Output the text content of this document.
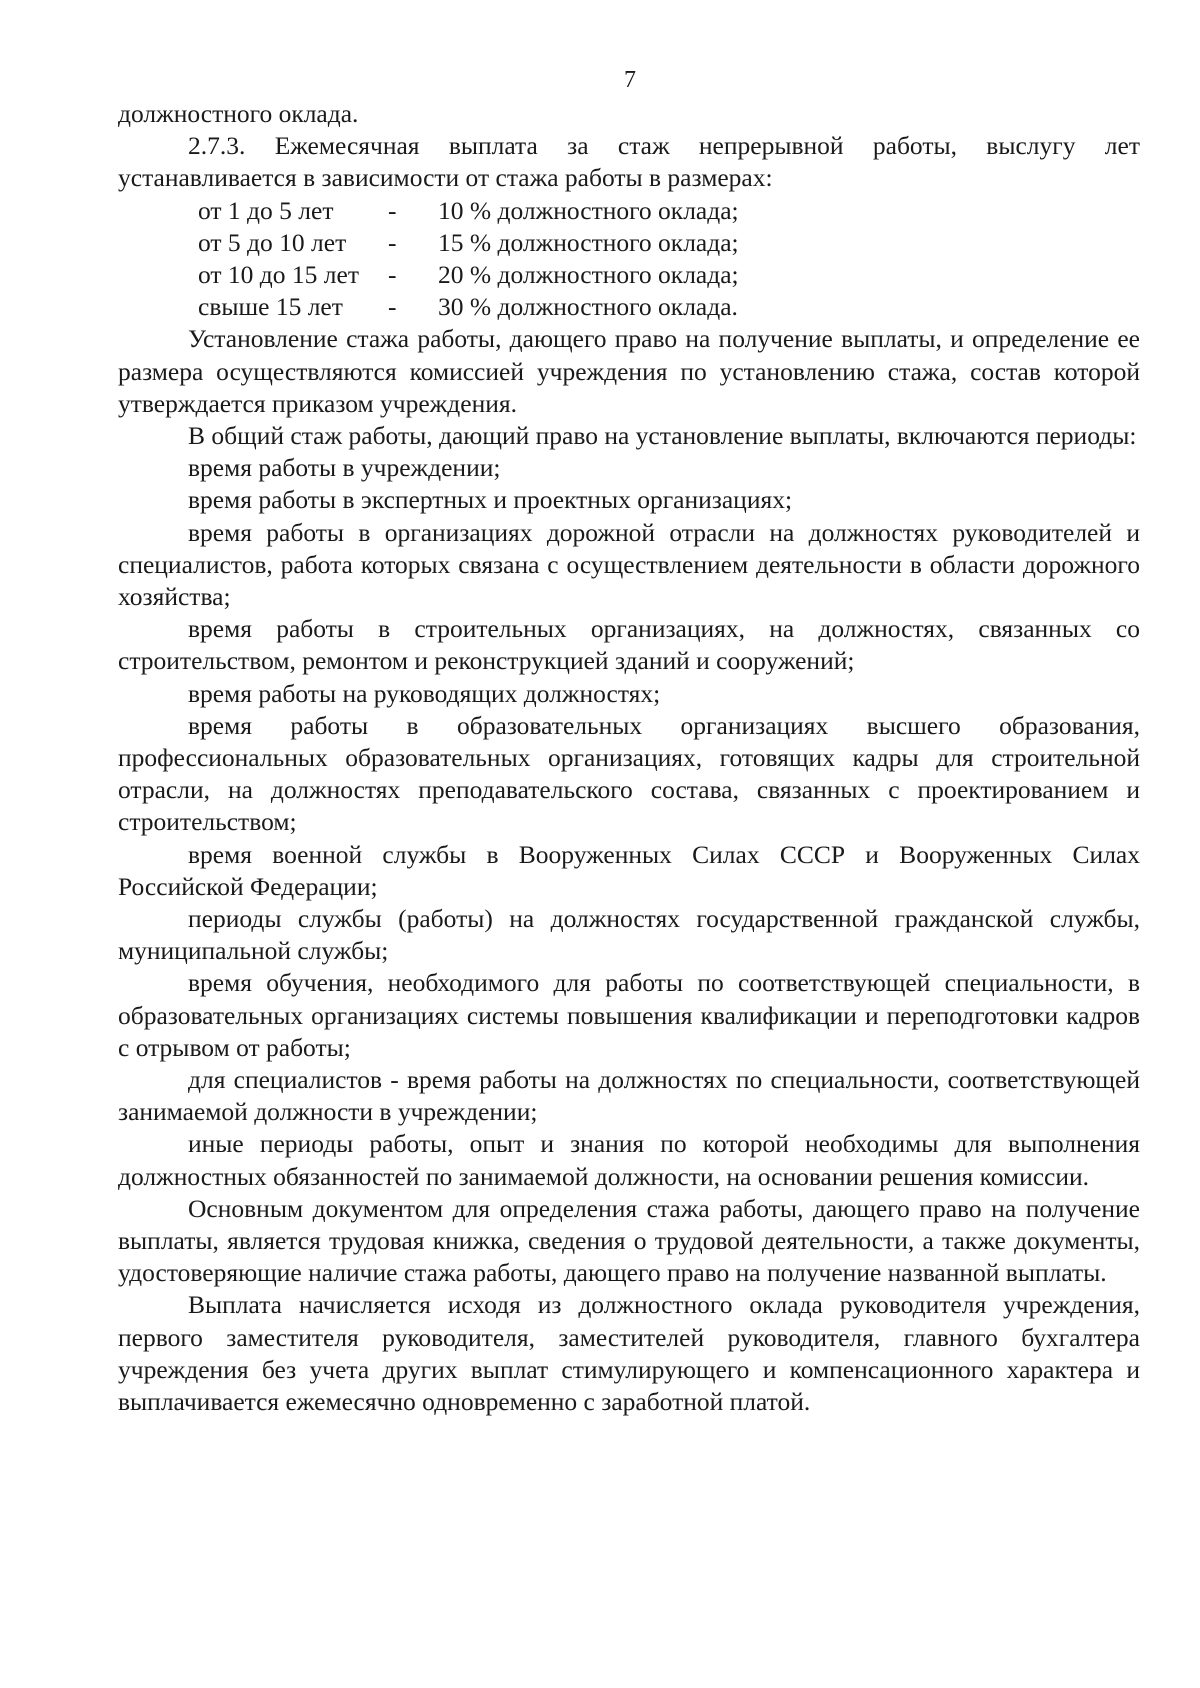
7

должностного оклада.

2.7.3. Ежемесячная выплата за стаж непрерывной работы, выслугу лет устанавливается в зависимости от стажа работы в размерах:

от 1 до 5 лет	-	10 % должностного оклада;
от 5 до 10 лет	-	15 % должностного оклада;
от 10 до 15 лет	-	20 % должностного оклада;
свыше 15 лет	-	30 % должностного оклада.

Установление стажа работы, дающего право на получение выплаты, и определение ее размера осуществляются комиссией учреждения по установлению стажа, состав которой утверждается приказом учреждения.

В общий стаж работы, дающий право на установление выплаты, включаются периоды:

время работы в учреждении;

время работы в экспертных и проектных организациях;

время работы в организациях дорожной отрасли на должностях руководителей и специалистов, работа которых связана с осуществлением деятельности в области дорожного хозяйства;

время работы в строительных организациях, на должностях, связанных со строительством, ремонтом и реконструкцией зданий и сооружений;

время работы на руководящих должностях;

время работы в образовательных организациях высшего образования, профессиональных образовательных организациях, готовящих кадры для строительной отрасли, на должностях преподавательского состава, связанных с проектированием и строительством;

время военной службы в Вооруженных Силах СССР и Вооруженных Силах Российской Федерации;

периоды службы (работы) на должностях государственной гражданской службы, муниципальной службы;

время обучения, необходимого для работы по соответствующей специальности, в образовательных организациях системы повышения квалификации и переподготовки кадров с отрывом от работы;

для специалистов - время работы на должностях по специальности, соответствующей занимаемой должности в учреждении;

иные периоды работы, опыт и знания по которой необходимы для выполнения должностных обязанностей по занимаемой должности, на основании решения комиссии.

Основным документом для определения стажа работы, дающего право на получение выплаты, является трудовая книжка, сведения о трудовой деятельности, а также документы, удостоверяющие наличие стажа работы, дающего право на получение названной выплаты.

Выплата начисляется исходя из должностного оклада руководителя учреждения, первого заместителя руководителя, заместителей руководителя, главного бухгалтера учреждения без учета других выплат стимулирующего и компенсационного характера и выплачивается ежемесячно одновременно с заработной платой.
